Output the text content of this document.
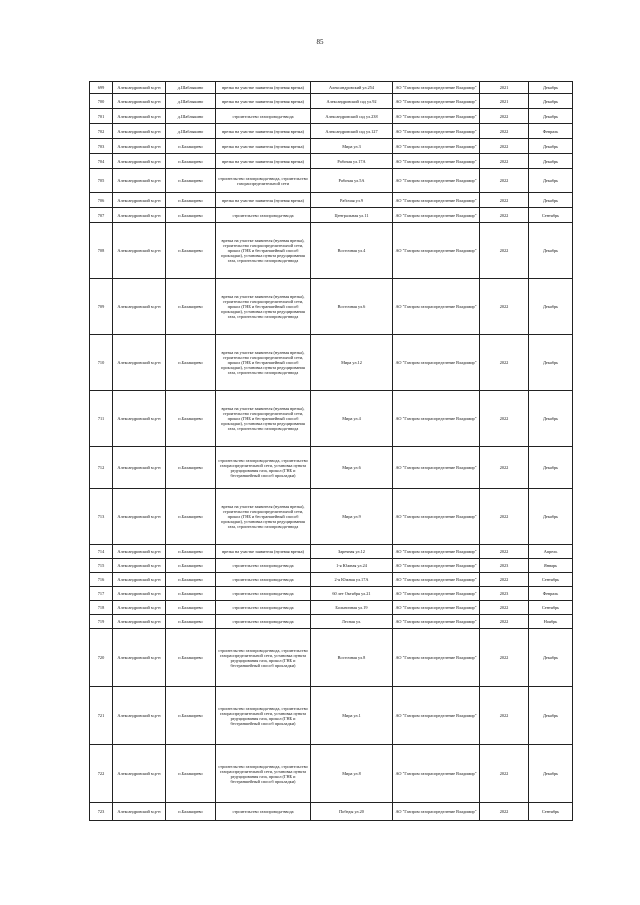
85
699	Александровский м.р-н	д.Шаблыкино	врезка на участке заявителя (нулевая врезка)	Александровский ул.254	АО "Газпром газораспределение Владимир"	2021	Декабрь
700	Александровский м.р-н	д.Шаблыкино	врезка на участке заявителя (нулевая врезка)	Александровский сад ул.92	АО "Газпром газораспределение Владимир"	2021	Декабрь
701	Александровский м.р-н	д.Шаблыкино	строительство газопровода-ввода	Александровский сад ул.238	АО "Газпром газораспределение Владимир"	2022	Декабрь
702	Александровский м.р-н	д.Шаблыкино	врезка на участке заявителя (нулевая врезка)	Александровский сад ул.127	АО "Газпром газораспределение Владимир"	2022	Февраль
703	Александровский м.р-н	п.Балакирево	врезка на участке заявителя (нулевая врезка)	Мира ул.3	АО "Газпром газораспределение Владимир"	2022	Декабрь
704	Александровский м.р-н	п.Балакирево	врезка на участке заявителя (нулевая врезка)	Рабочая ул.17А	АО "Газпром газораспределение Владимир"	2022	Декабрь
705	Александровский м.р-н	п.Балакирево	строительство газопровода-ввода, строительство газораспределительной сети	Рабочая ул.5А	АО "Газпром газораспределение Владимир"	2022	Декабрь
706	Александровский м.р-н	п.Балакирево	врезка на участке заявителя (нулевая врезка)	Рабочая ул.9	АО "Газпром газораспределение Владимир"	2022	Декабрь
707	Александровский м.р-н	п.Балакирево	строительство газопровода-ввода	Центральная ул.11	АО "Газпром газораспределение Владимир"	2022	Сентябрь
708	Александровский м.р-н	п.Балакирево	врезка на участке заявителя (нулевая врезка), строительство газораспределительной сети, прокол (ГНБ и бестраншейный способ прокладки), установка пункта редуцирования газа, строительство газопровода-ввода	Восточная ул.4	АО "Газпром газораспределение Владимир"	2022	Декабрь
709	Александровский м.р-н	п.Балакирево	врезка на участке заявителя (нулевая врезка), строительство газораспределительной сети, прокол (ГНБ и бестраншейный способ прокладки), установка пункта редуцирования газа, строительство газопровода-ввода	Восточная ул.6	АО "Газпром газораспределение Владимир"	2022	Декабрь
710	Александровский м.р-н	п.Балакирево	врезка на участке заявителя (нулевая врезка), строительство газораспределительной сети, прокол (ГНБ и бестраншейный способ прокладки), установка пункта редуцирования газа, строительство газопровода-ввода	Мира ул.12	АО "Газпром газораспределение Владимир"	2022	Декабрь
711	Александровский м.р-н	п.Балакирево	врезка на участке заявителя (нулевая врезка), строительство газораспределительной сети, прокол (ГНБ и бестраншейный способ прокладки), установка пункта редуцирования газа, строительство газопровода-ввода	Мира ул.4	АО "Газпром газораспределение Владимир"	2022	Декабрь
712	Александровский м.р-н	п.Балакирево	строительство газопровода-ввода, строительство газораспределительной сети, установка пункта редуцирования газа, прокол (ГНБ и бестраншейный способ прокладки)	Мира ул.6	АО "Газпром газораспределение Владимир"	2022	Декабрь
713	Александровский м.р-н	п.Балакирево	врезка на участке заявителя (нулевая врезка), строительство газораспределительной сети, прокол (ГНБ и бестраншейный способ прокладки), установка пункта редуцирования газа, строительство газопровода-ввода	Мира ул.9	АО "Газпром газораспределение Владимир"	2022	Декабрь
714	Александровский м.р-н	п.Балакирево	врезка на участке заявителя (нулевая врезка)	Заречная ул.12	АО "Газпром газораспределение Владимир"	2022	Апрель
715	Александровский м.р-н	п.Балакирево	строительство газопровода-ввода	1-я Южная ул.24	АО "Газпром газораспределение Владимир"	2023	Январь
716	Александровский м.р-н	п.Балакирево	строительство газопровода-ввода	2-я Южная ул.17А	АО "Газпром газораспределение Владимир"	2022	Сентябрь
717	Александровский м.р-н	п.Балакирево	строительство газопровода-ввода	60 лет Октября ул.21	АО "Газпром газораспределение Владимир"	2023	Февраль
718	Александровский м.р-н	п.Балакирево	строительство газопровода-ввода	Больничная ул.19	АО "Газпром газораспределение Владимир"	2022	Сентябрь
719	Александровский м.р-н	п.Балакирево	строительство газопровода-ввода	Лесная ул.	АО "Газпром газораспределение Владимир"	2022	Ноябрь
720	Александровский м.р-н	п.Балакирево	строительство газопровода-ввода, строительство газораспределительной сети, установка пункта редуцирования газа, прокол (ГНБ и бестраншейный способ прокладки)	Восточная ул.8	АО "Газпром газораспределение Владимир"	2022	Декабрь
721	Александровский м.р-н	п.Балакирево	строительство газопровода-ввода, строительство газораспределительной сети, установка пункта редуцирования газа, прокол (ГНБ и бестраншейный способ прокладки)	Мира ул.1	АО "Газпром газораспределение Владимир"	2022	Декабрь
722	Александровский м.р-н	п.Балакирево	строительство газопровода-ввода, строительство газораспределительной сети, установка пункта редуцирования газа, прокол (ГНБ и бестраншейный способ прокладки)	Мира ул.8	АО "Газпром газораспределение Владимир"	2022	Декабрь
723	Александровский м.р-н	п.Балакирево	строительство газопровода-ввода	Победы ул.20	АО "Газпром газораспределение Владимир"	2022	Сентябрь
